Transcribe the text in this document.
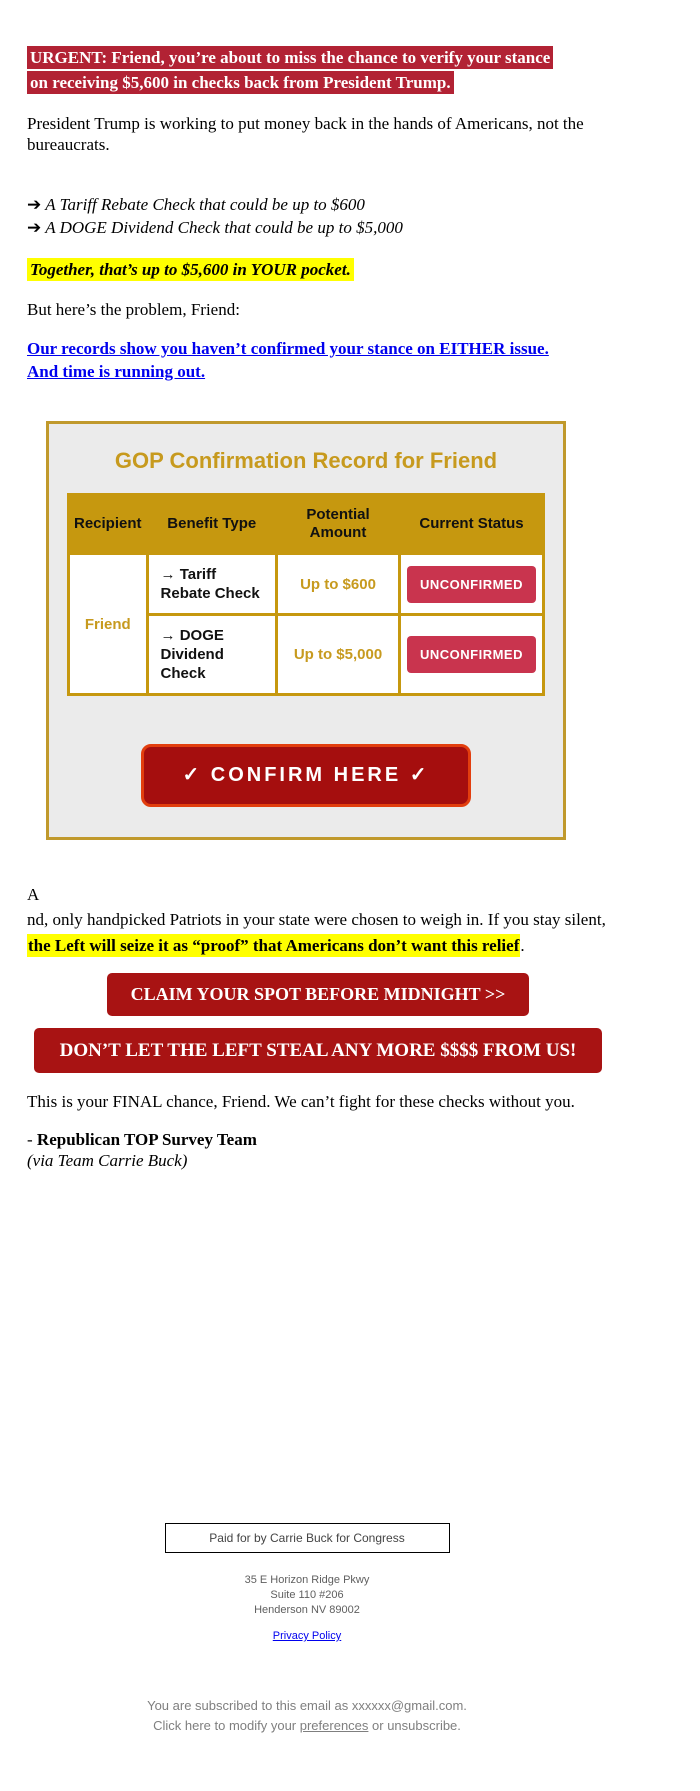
URGENT: Friend, you’re about to miss the chance to verify your stance
on receiving $5,600 in checks back from President Trump.

President Trump is working to put money back in the hands of Americans, not the bureaucrats.

➔ A Tariff Rebate Check that could be up to $600
➔ A DOGE Dividend Check that could be up to $5,000
Together, that’s up to $5,600 in YOUR pocket.

But here’s the problem, Friend:

Our records show you haven’t confirmed your stance on EITHER issue.
And time is running out.
GOP Confirmation Record for Friend
Recipient	Benefit Type	Potential Amount	Current Status
Friend	→ Tariff Rebate Check	Up to $600	UNCONFIRMED
	→ DOGE Dividend Check	Up to $5,000	UNCONFIRMED
✓ CONFIRM HERE ✓
A
nd, only handpicked Patriots in your state were chosen to weigh in. If you stay silent, the Left will seize it as “proof” that Americans don’t want this relief.
CLAIM YOUR SPOT BEFORE MIDNIGHT >>
DON’T LET THE LEFT STEAL ANY MORE $$$$ FROM US!

This is your FINAL chance, Friend. We can’t fight for these checks without you.

- Republican TOP Survey Team
(via Team Carrie Buck)
Paid for by Carrie Buck for Congress
35 E Horizon Ridge Pkwy
Suite 110 #206
Henderson NV 89002
Privacy Policy
You are subscribed to this email as xxxxxx@gmail.com.
Click here to modify your preferences or unsubscribe.
